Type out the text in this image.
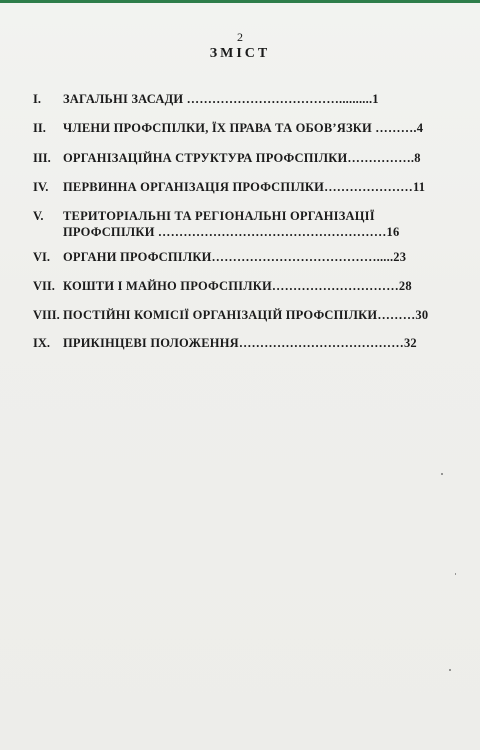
2
ЗМІСТ
I.	ЗАГАЛЬНІ ЗАСАДИ ………………………………..........1
II.	ЧЛЕНИ ПРОФСПІЛКИ, ЇХ ПРАВА ТА ОБОВ’ЯЗКИ ……….4
III. ОРГАНІЗАЦІЙНА СТРУКТУРА ПРОФСПІЛКИ…………….8
IV.	ПЕРВИННА ОРГАНІЗАЦІЯ ПРОФСПІЛКИ…………………11
V.	ТЕРИТОРІАЛЬНІ ТА РЕГІОНАЛЬНІ ОРГАНІЗАЦІЇ
ПРОФСПІЛКИ ………………………………………………16
VI.	ОРГАНИ ПРОФСПІЛКИ………………………………….....23
VII. КОШТИ І МАЙНО ПРОФСПІЛКИ…………………………28
VIII. ПОСТІЙНІ КОМІСІЇ ОРГАНІЗАЦІЙ ПРОФСПІЛКИ………30
IX.	ПРИКІНЦЕВІ ПОЛОЖЕННЯ…………………………………32
